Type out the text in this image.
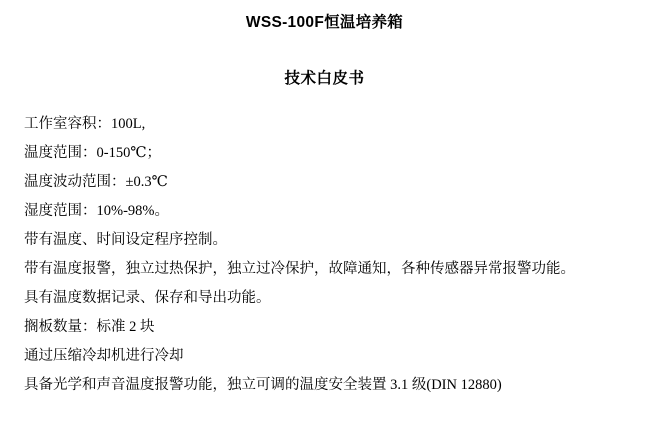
WSS-100F恒温培养箱
技术白皮书

工作室容积：100L,

温度范围：0-150℃；

温度波动范围：±0.3℃

湿度范围：10%-98%。

带有温度、时间设定程序控制。

带有温度报警，独立过热保护，独立过冷保护，故障通知，各种传感器异常报警功能。

具有温度数据记录、保存和导出功能。

搁板数量：标准 2 块

通过压缩冷却机进行冷却

具备光学和声音温度报警功能，独立可调的温度安全装置 3.1 级(DIN 12880)
